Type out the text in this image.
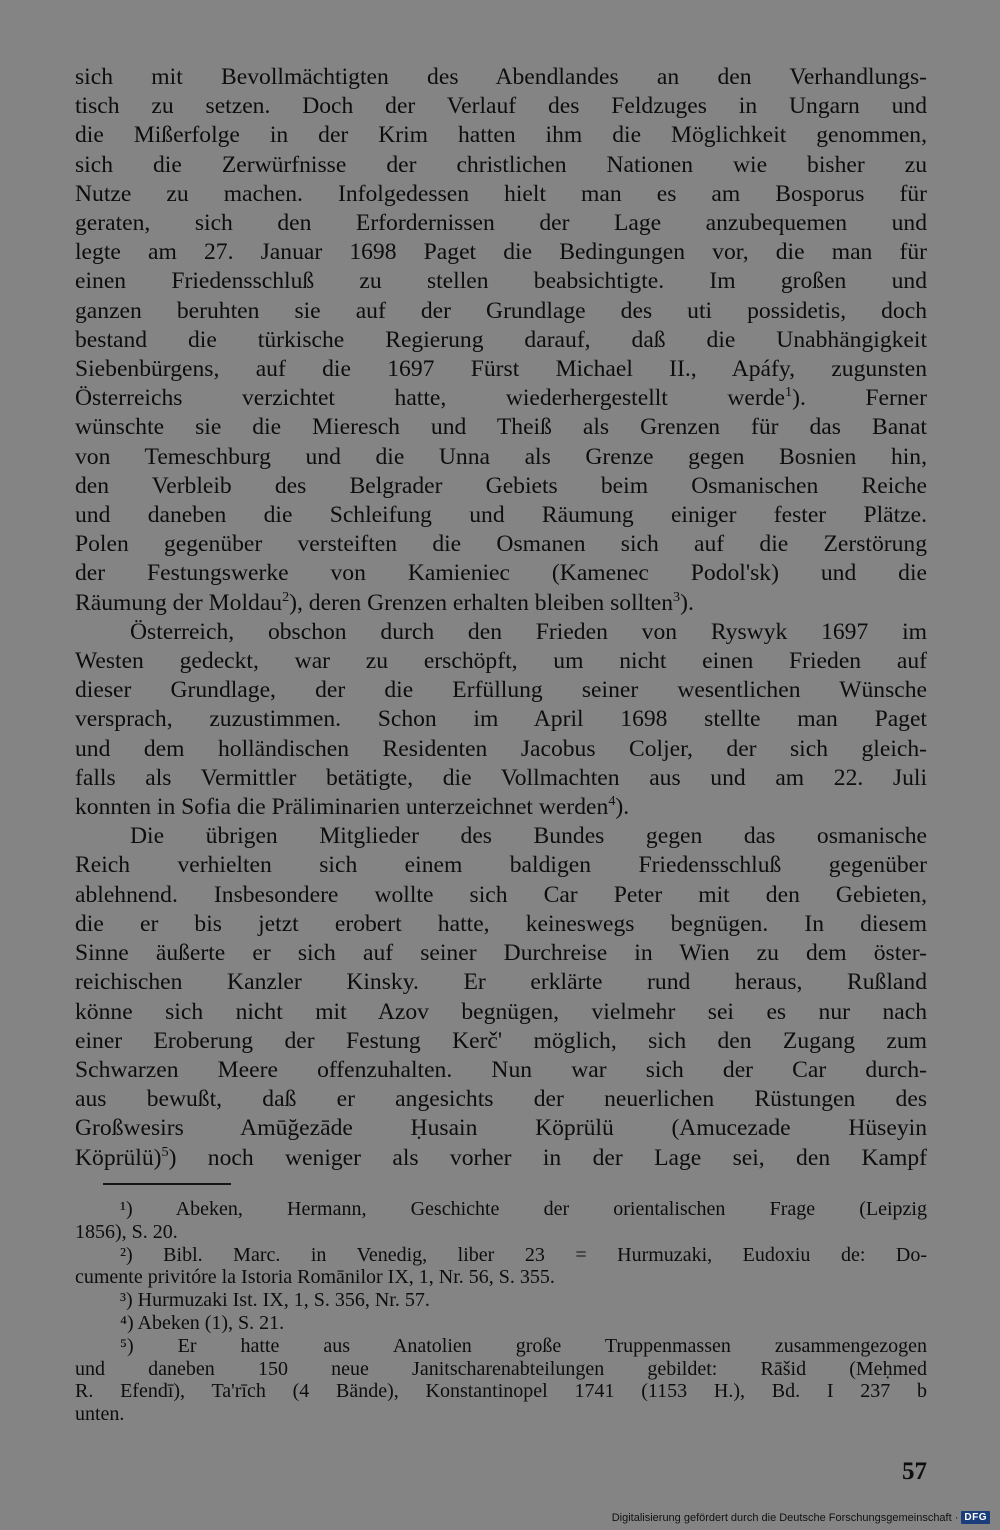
sich mit Bevollmächtigten des Abendlandes an den Verhandlungs-
tisch zu setzen. Doch der Verlauf des Feldzuges in Ungarn und
die Mißerfolge in der Krim hatten ihm die Möglichkeit genommen,
sich die Zerwürfnisse der christlichen Nationen wie bisher zu
Nutze zu machen. Infolgedessen hielt man es am Bosporus für
geraten, sich den Erfordernissen der Lage anzubequemen und
legte am 27. Januar 1698 Paget die Bedingungen vor, die man für
einen Friedensschluß zu stellen beabsichtigte. Im großen und
ganzen beruhten sie auf der Grundlage des uti possidetis, doch
bestand die türkische Regierung darauf, daß die Unabhängigkeit
Siebenbürgens, auf die 1697 Fürst Michael II., Apáfy, zugunsten
Österreichs verzichtet hatte, wiederhergestellt werde$^1$). Ferner
wünschte sie die Mieresch und Theiß als Grenzen für das Banat
von Temeschburg und die Unna als Grenze gegen Bosnien hin,
den Verbleib des Belgrader Gebiets beim Osmanischen Reiche
und daneben die Schleifung und Räumung einiger fester Plätze.
Polen gegenüber versteiften die Osmanen sich auf die Zerstörung
der Festungswerke von Kamieniec (Kamenec Podol'sk) und die
Räumung der Moldau$^2$), deren Grenzen erhalten bleiben sollten$^3$).
Österreich, obschon durch den Frieden von Ryswyk 1697 im
Westen gedeckt, war zu erschöpft, um nicht einen Frieden auf
dieser Grundlage, der die Erfüllung seiner wesentlichen Wünsche
versprach, zuzustimmen. Schon im April 1698 stellte man Paget
und dem holländischen Residenten Jacobus Coljer, der sich gleich-
falls als Vermittler betätigte, die Vollmachten aus und am 22. Juli
konnten in Sofia die Präliminarien unterzeichnet werden$^4$).
Die übrigen Mitglieder des Bundes gegen das osmanische
Reich verhielten sich einem baldigen Friedensschluß gegenüber
ablehnend. Insbesondere wollte sich Car Peter mit den Gebieten,
die er bis jetzt erobert hatte, keineswegs begnügen. In diesem
Sinne äußerte er sich auf seiner Durchreise in Wien zu dem öster-
reichischen Kanzler Kinsky. Er erklärte rund heraus, Rußland
könne sich nicht mit Azov begnügen, vielmehr sei es nur nach
einer Eroberung der Festung Kerč' möglich, sich den Zugang zum
Schwarzen Meere offenzuhalten. Nun war sich der Car durch-
aus bewußt, daß er angesichts der neuerlichen Rüstungen des
Großwesirs Amūğezāde Ḥusain Köprülü (Amucezade Hüseyin
Köprülü)$^5$) noch weniger als vorher in der Lage sei, den Kampf
¹) Abeken, Hermann, Geschichte der orientalischen Frage (Leipzig
1856), S. 20.
²) Bibl. Marc. in Venedig, liber 23 = Hurmuzaki, Eudoxiu de: Do-
cumente privitóre la Istoria Romānilor IX, 1, Nr. 56, S. 355.
³) Hurmuzaki Ist. IX, 1, S. 356, Nr. 57.
⁴) Abeken (1), S. 21.
⁵) Er hatte aus Anatolien große Truppenmassen zusammengezogen
und daneben 150 neue Janitscharenabteilungen gebildet: Rāšid (Meḥmed
R. Efendī), Ta'rīch (4 Bände), Konstantinopel 1741 (1153 H.), Bd. I 237 b
unten.
57
Digitalisierung gefördert durch die Deutsche Forschungsgemeinschaft · DFG
